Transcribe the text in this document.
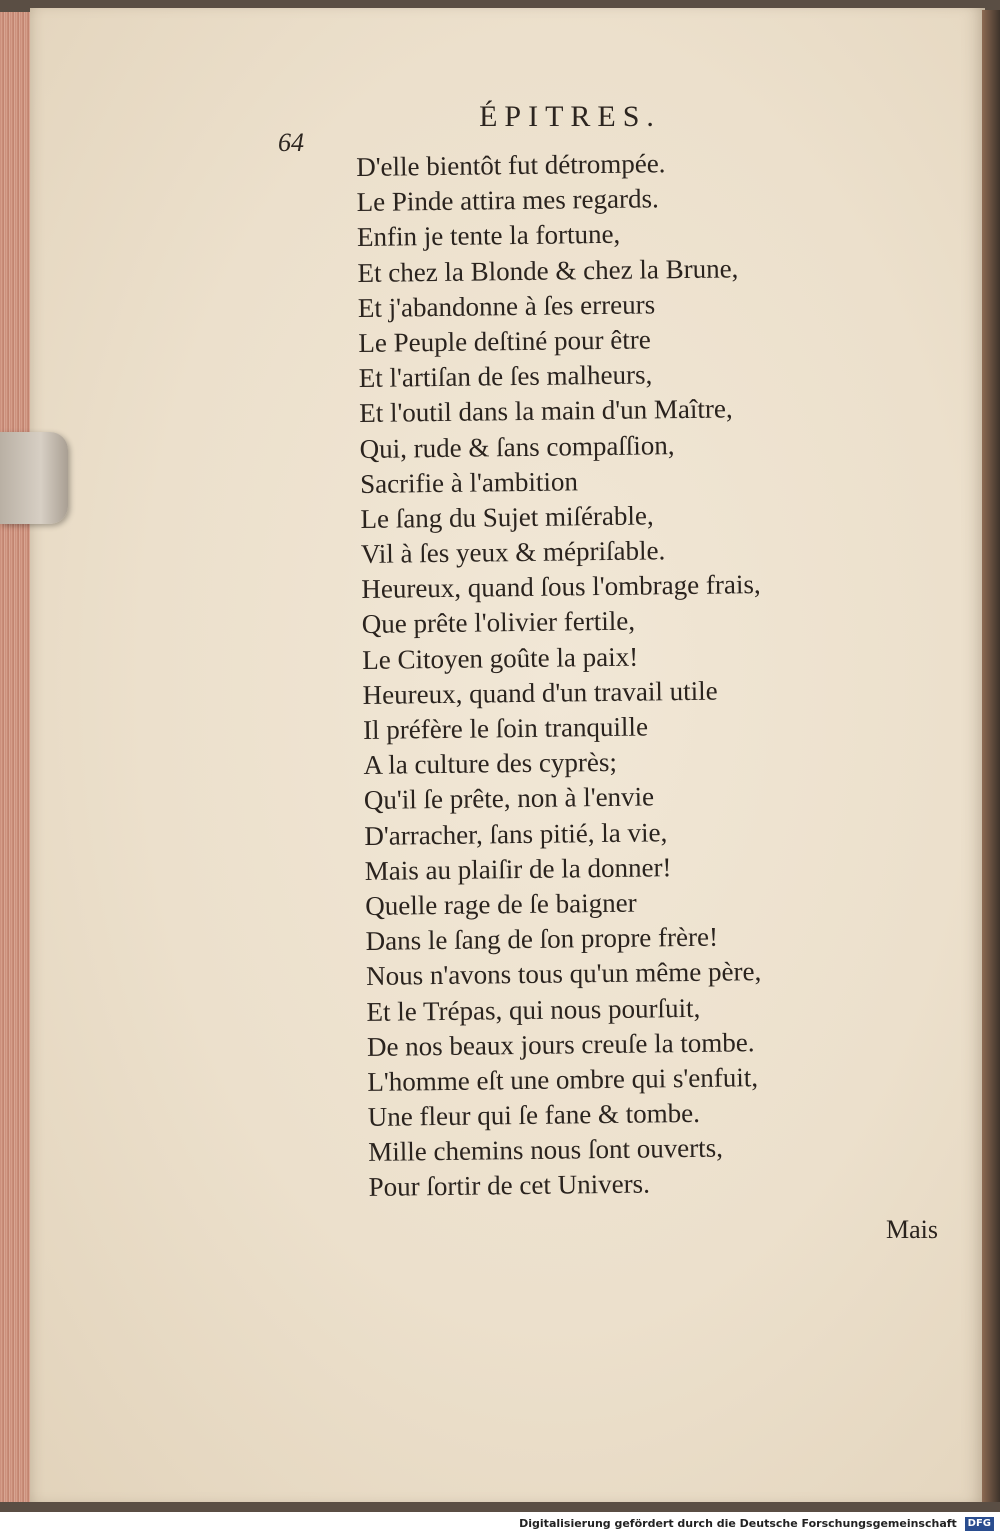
ÉPITRES.
64
D'elle bientôt fut détrompée.
Le Pinde attira mes regards.
Enfin je tente la fortune,
Et chez la Blonde & chez la Brune,
Et j'abandonne à ſes erreurs
Le Peuple deſtiné pour être
Et l'artiſan de ſes malheurs,
Et l'outil dans la main d'un Maître,
Qui, rude & ſans compaſſion,
Sacrifie à l'ambition
Le ſang du Sujet miſérable,
Vil à ſes yeux & mépriſable.
Heureux, quand ſous l'ombrage frais,
Que prête l'olivier fertile,
Le Citoyen goûte la paix!
Heureux, quand d'un travail utile
Il préfère le ſoin tranquille
A la culture des cyprès;
Qu'il ſe prête, non à l'envie
D'arracher, ſans pitié, la vie,
Mais au plaiſir de la donner!
Quelle rage de ſe baigner
Dans le ſang de ſon propre frère!
Nous n'avons tous qu'un même père,
Et le Trépas, qui nous pourſuit,
De nos beaux jours creuſe la tombe.
L'homme eſt une ombre qui s'enfuit,
Une fleur qui ſe fane & tombe.
Mille chemins nous ſont ouverts,
Pour ſortir de cet Univers.
Mais
Digitalisierung gefördert durch die Deutsche Forschungsgemeinschaft DFG
